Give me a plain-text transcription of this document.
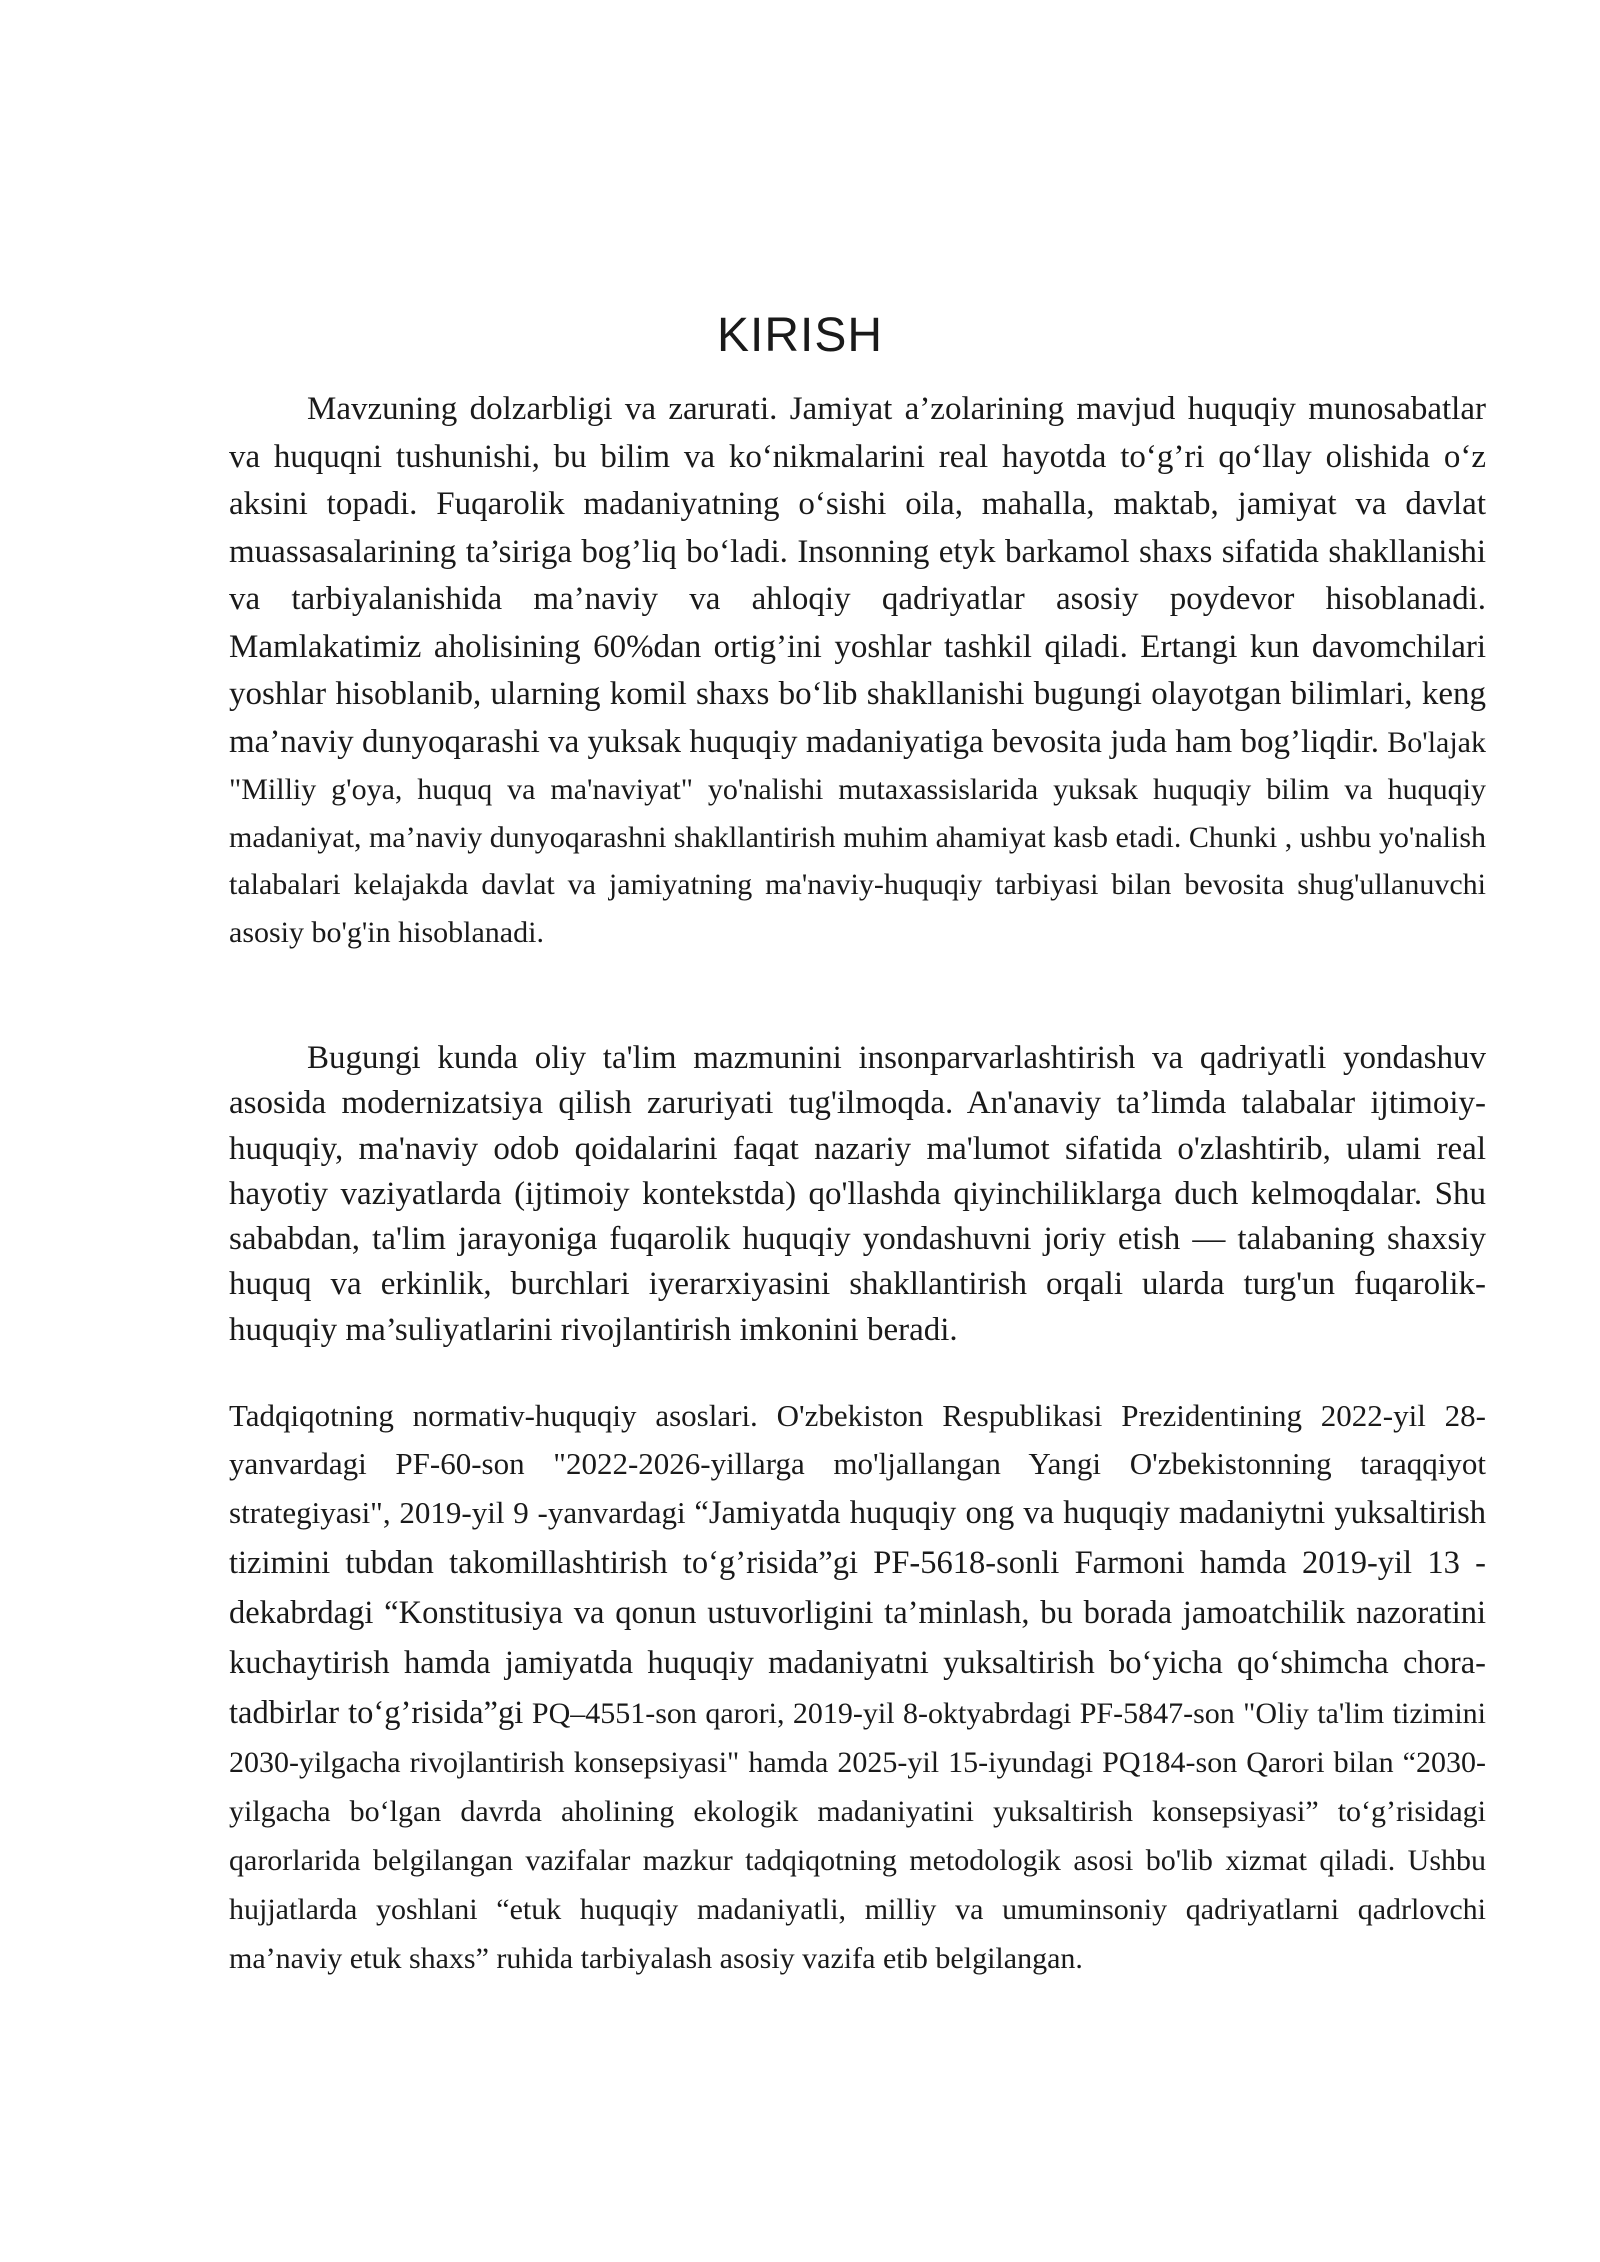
KIRISH

Mavzuning dolzarbligi va zarurati. Jamiyat a’zolarining mavjud huquqiy munosabatlar va huquqni tushunishi, bu bilim va ko‘nikmalarini real hayotda to‘g’ri qo‘llay olishida o‘z aksini topadi. Fuqarolik madaniyatning o‘sishi oila, mahalla, maktab, jamiyat va davlat muassasalarining ta’siriga bog’liq bo‘ladi. Insonning etyk barkamol shaxs sifatida shakllanishi va tarbiyalanishida ma’naviy va ahloqiy qadriyatlar asosiy poydevor hisoblanadi. Mamlakatimiz aholisining 60%dan ortig’ini yoshlar tashkil qiladi. Ertangi kun davomchilari yoshlar hisoblanib, ularning komil shaxs bo‘lib shakllanishi bugungi olayotgan bilimlari, keng ma’naviy dunyoqarashi va yuksak huquqiy madaniyatiga bevosita juda ham bog’liqdir. Bo'lajak "Milliy g'oya, huquq va ma'naviyat" yo'nalishi mutaxassislarida yuksak huquqiy bilim va huquqiy madaniyat, ma’naviy dunyoqarashni shakllantirish muhim ahamiyat kasb etadi. Chunki , ushbu yo'nalish talabalari kelajakda davlat va jamiyatning ma'naviy-huquqiy tarbiyasi bilan bevosita shug'ullanuvchi asosiy bo'g'in hisoblanadi.

Bugungi kunda oliy ta'lim mazmunini insonparvarlashtirish va qadriyatli yondashuv asosida modernizatsiya qilish zaruriyati tug'ilmoqda. An'anaviy ta’limda talabalar ijtimoiy-huquqiy, ma'naviy odob qoidalarini faqat nazariy ma'lumot sifatida o'zlashtirib, ulami real hayotiy vaziyatlarda (ijtimoiy kontekstda) qo'llashda qiyinchiliklarga duch kelmoqdalar. Shu sababdan, ta'lim jarayoniga fuqarolik huquqiy yondashuvni joriy etish — talabaning shaxsiy huquq va erkinlik, burchlari iyerarxiyasini shakllantirish orqali ularda turg'un fuqarolik-huquqiy ma’suliyatlarini rivojlantirish imkonini beradi.

Tadqiqotning normativ-huquqiy asoslari. O'zbekiston Respublikasi Prezidentining 2022-yil 28-yanvardagi PF-60-son "2022-2026-yillarga mo'ljallangan Yangi O'zbekistonning taraqqiyot strategiyasi", 2019-yil 9 -yanvardagi “Jamiyatda huquqiy ong va huquqiy madaniytni yuksaltirish tizimini tubdan takomillashtirish to‘g’risida”gi PF-5618-sonli Farmoni hamda 2019-yil 13 -dekabrdagi “Konstitusiya va qonun ustuvorligini ta’minlash, bu borada jamoatchilik nazoratini kuchaytirish hamda jamiyatda huquqiy madaniyatni yuksaltirish bo‘yicha qo‘shimcha chora-tadbirlar to‘g’risida”gi PQ–4551-son qarori, 2019-yil 8-oktyabrdagi PF-5847-son "Oliy ta'lim tizimini 2030-yilgacha rivojlantirish konsepsiyasi" hamda 2025-yil 15-iyundagi PQ184-son Qarori bilan “2030-yilgacha bo‘lgan davrda aholining ekologik madaniyatini yuksaltirish konsepsiyasi” to‘g’risidagi qarorlarida belgilangan vazifalar mazkur tadqiqotning metodologik asosi bo'lib xizmat qiladi. Ushbu hujjatlarda yoshlani “etuk huquqiy madaniyatli, milliy va umuminsoniy qadriyatlarni qadrlovchi ma’naviy etuk shaxs” ruhida tarbiyalash asosiy vazifa etib belgilangan.
